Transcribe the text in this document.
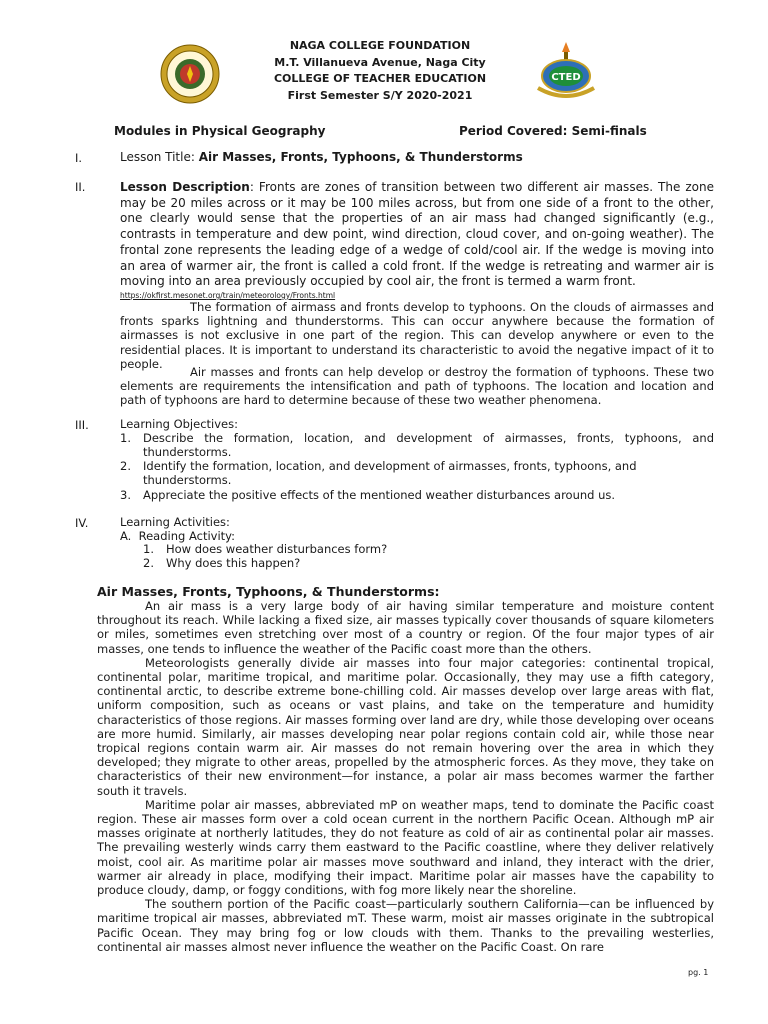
CTED
NAGA COLLEGE FOUNDATION
M.T. Villanueva Avenue, Naga City
COLLEGE OF TEACHER EDUCATION
First Semester S/Y 2020-2021
Modules in Physical Geography	Period Covered: Semi-finals
I.	Lesson Title: Air Masses, Fronts, Typhoons, & Thunderstorms
II.	Lesson Description: Fronts are zones of transition between two different air masses. The zone may be 20 miles across or it may be 100 miles across, but from one side of a front to the other, one clearly would sense that the properties of an air mass had changed significantly (e.g., contrasts in temperature and dew point, wind direction, cloud cover, and on-going weather). The frontal zone represents the leading edge of a wedge of cold/cool air. If the wedge is moving into an area of warmer air, the front is called a cold front. If the wedge is retreating and warmer air is moving into an area previously occupied by cool air, the front is termed a warm front.
https://okfirst.mesonet.org/train/meteorology/Fronts.html
The formation of airmass and fronts develop to typhoons. On the clouds of airmasses and fronts sparks lightning and thunderstorms. This can occur anywhere because the formation of airmasses is not exclusive in one part of the region. This can develop anywhere or even to the residential places. It is important to understand its characteristic to avoid the negative impact of it to people.
Air masses and fronts can help develop or destroy the formation of typhoons. These two elements are requirements the intensification and path of typhoons. The location and location and path of typhoons are hard to determine because of these two weather phenomena.
III.	Learning Objectives:
1. Describe the formation, location, and development of airmasses, fronts, typhoons, and thunderstorms.
2. Identify the formation, location, and development of airmasses, fronts, typhoons, and thunderstorms.
3. Appreciate the positive effects of the mentioned weather disturbances around us.
IV.	Learning Activities:
A.  Reading Activity:
1. How does weather disturbances form?
2. Why does this happen?
Air Masses, Fronts, Typhoons, & Thunderstorms:

An air mass is a very large body of air having similar temperature and moisture content throughout its reach. While lacking a fixed size, air masses typically cover thousands of square kilometers or miles, sometimes even stretching over most of a country or region. Of the four major types of air masses, one tends to influence the weather of the Pacific coast more than the others.

Meteorologists generally divide air masses into four major categories: continental tropical, continental polar, maritime tropical, and maritime polar. Occasionally, they may use a fifth category, continental arctic, to describe extreme bone-chilling cold. Air masses develop over large areas with flat, uniform composition, such as oceans or vast plains, and take on the temperature and humidity characteristics of those regions. Air masses forming over land are dry, while those developing over oceans are more humid. Similarly, air masses developing near polar regions contain cold air, while those near tropical regions contain warm air. Air masses do not remain hovering over the area in which they developed; they migrate to other areas, propelled by the atmospheric forces. As they move, they take on characteristics of their new environment—for instance, a polar air mass becomes warmer the farther south it travels.

Maritime polar air masses, abbreviated mP on weather maps, tend to dominate the Pacific coast region. These air masses form over a cold ocean current in the northern Pacific Ocean. Although mP air masses originate at northerly latitudes, they do not feature as cold of air as continental polar air masses. The prevailing westerly winds carry them eastward to the Pacific coastline, where they deliver relatively moist, cool air. As maritime polar air masses move southward and inland, they interact with the drier, warmer air already in place, modifying their impact. Maritime polar air masses have the capability to produce cloudy, damp, or foggy conditions, with fog more likely near the shoreline.

The southern portion of the Pacific coast—particularly southern California—can be influenced by maritime tropical air masses, abbreviated mT. These warm, moist air masses originate in the subtropical Pacific Ocean. They may bring fog or low clouds with them. Thanks to the prevailing westerlies, continental air masses almost never influence the weather on the Pacific Coast. On rare

pg. 1
